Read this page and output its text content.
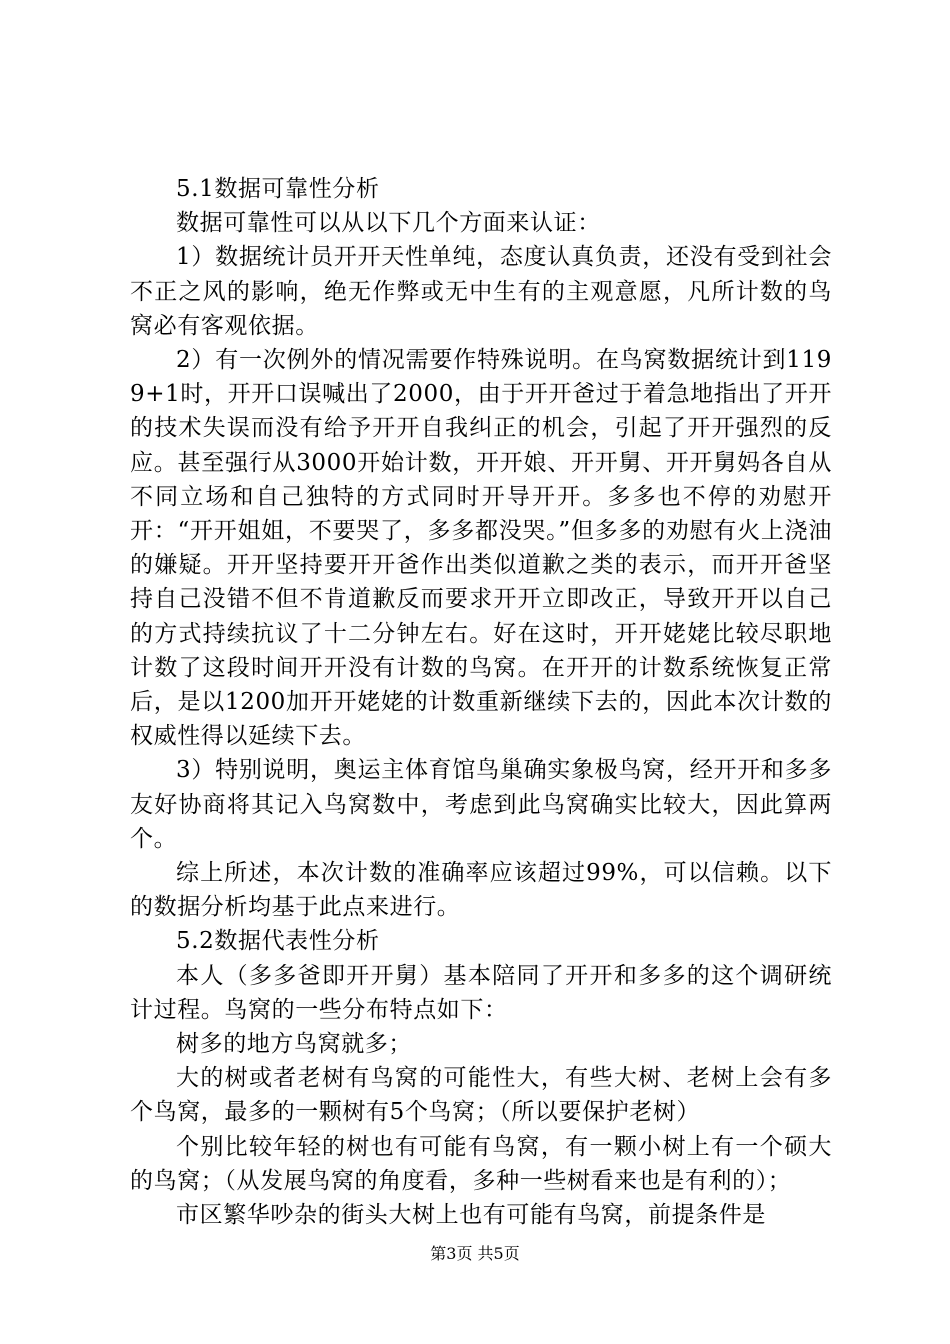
5.1数据可靠性分析

数据可靠性可以从以下几个方面来认证：

1）数据统计员开开天性单纯，态度认真负责，还没有受到社会不正之风的影响，绝无作弊或无中生有的主观意愿，凡所计数的鸟窝必有客观依据。

2）有一次例外的情况需要作特殊说明。在鸟窝数据统计到1199+1时，开开口误喊出了2000，由于开开爸过于着急地指出了开开的技术失误而没有给予开开自我纠正的机会，引起了开开强烈的反应。甚至强行从3000开始计数，开开娘、开开舅、开开舅妈各自从不同立场和自己独特的方式同时开导开开。多多也不停的劝慰开开：“开开姐姐，不要哭了，多多都没哭。”但多多的劝慰有火上浇油的嫌疑。开开坚持要开开爸作出类似道歉之类的表示，而开开爸坚持自己没错不但不肯道歉反而要求开开立即改正，导致开开以自己的方式持续抗议了十二分钟左右。好在这时，开开姥姥比较尽职地计数了这段时间开开没有计数的鸟窝。在开开的计数系统恢复正常后，是以1200加开开姥姥的计数重新继续下去的，因此本次计数的权威性得以延续下去。

3）特别说明，奥运主体育馆鸟巢确实象极鸟窝，经开开和多多友好协商将其记入鸟窝数中，考虑到此鸟窝确实比较大，因此算两个。

综上所述，本次计数的准确率应该超过99%，可以信赖。以下的数据分析均基于此点来进行。

5.2数据代表性分析

本人（多多爸即开开舅）基本陪同了开开和多多的这个调研统计过程。鸟窝的一些分布特点如下：

树多的地方鸟窝就多；

大的树或者老树有鸟窝的可能性大，有些大树、老树上会有多个鸟窝，最多的一颗树有5个鸟窝；（所以要保护老树）

个别比较年轻的树也有可能有鸟窝，有一颗小树上有一个硕大的鸟窝；（从发展鸟窝的角度看，多种一些树看来也是有利的）；

市区繁华吵杂的街头大树上也有可能有鸟窝，前提条件是

第3页 共5页
